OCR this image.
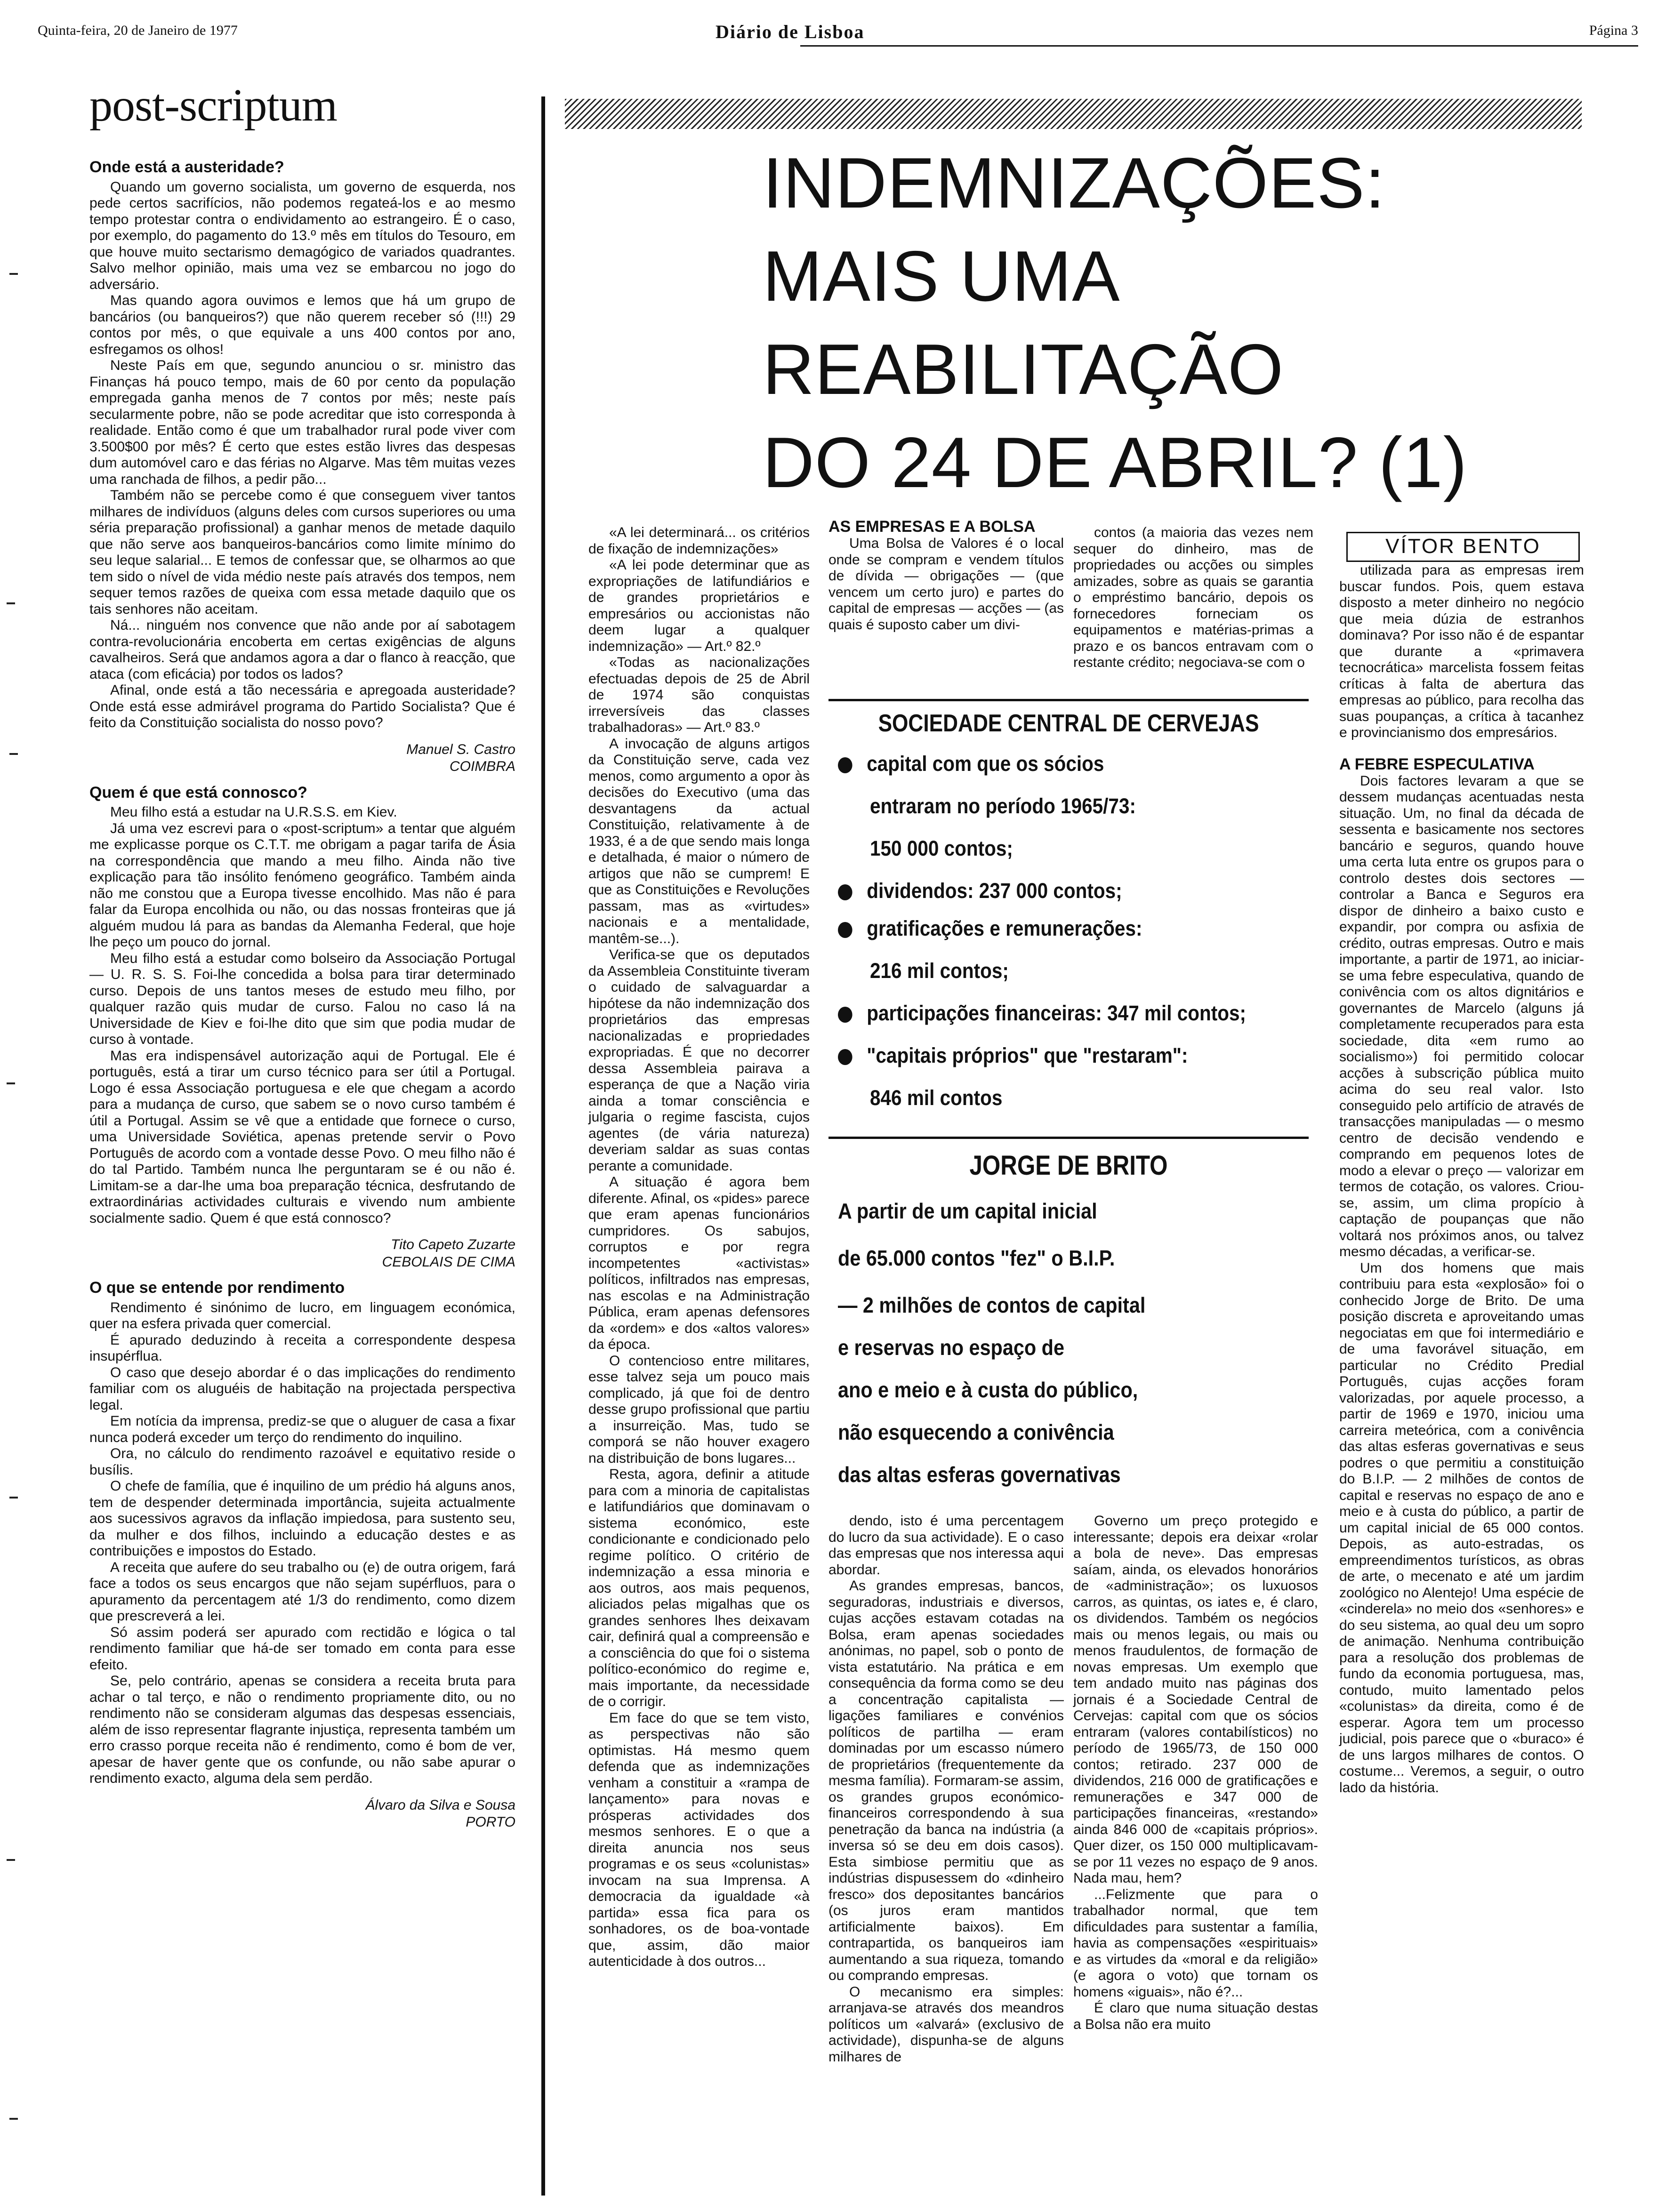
Quinta-feira, 20 de Janeiro de 1977	Diário de Lisboa	Página 3
post-scriptum
Onde está a austeridade?

Quando um governo socialista, um governo de esquerda, nos pede certos sacrifícios, não podemos regateá-los e ao mesmo tempo protestar contra o endividamento ao estrangeiro. É o caso, por exemplo, do pagamento do 13.º mês em títulos do Tesouro, em que houve muito sectarismo demagógico de variados quadrantes. Salvo melhor opinião, mais uma vez se embarcou no jogo do adversário.

Mas quando agora ouvimos e lemos que há um grupo de bancários (ou banqueiros?) que não querem receber só (!!!) 29 contos por mês, o que equivale a uns 400 contos por ano, esfregamos os olhos!

Neste País em que, segundo anunciou o sr. ministro das Finanças há pouco tempo, mais de 60 por cento da população empregada ganha menos de 7 contos por mês; neste país secularmente pobre, não se pode acreditar que isto corresponda à realidade. Então como é que um trabalhador rural pode viver com 3.500$00 por mês? É certo que estes estão livres das despesas dum automóvel caro e das férias no Algarve. Mas têm muitas vezes uma ranchada de filhos, a pedir pão...

Também não se percebe como é que conseguem viver tantos milhares de indivíduos (alguns deles com cursos superiores ou uma séria preparação profissional) a ganhar menos de metade daquilo que não serve aos banqueiros-bancários como limite mínimo do seu leque salarial... E temos de confessar que, se olharmos ao que tem sido o nível de vida médio neste país através dos tempos, nem sequer temos razões de queixa com essa metade daquilo que os tais senhores não aceitam.

Ná... ninguém nos convence que não ande por aí sabotagem contra-revolucionária encoberta em certas exigências de alguns cavalheiros. Será que andamos agora a dar o flanco à reacção, que ataca (com eficácia) por todos os lados?

Afinal, onde está a tão necessária e apregoada austeridade? Onde está esse admirável programa do Partido Socialista? Que é feito da Constituição socialista do nosso povo?

Manuel S. Castro

COIMBRA

Quem é que está connosco?

Meu filho está a estudar na U.R.S.S. em Kiev.

Já uma vez escrevi para o «post-scriptum» a tentar que alguém me explicasse porque os C.T.T. me obrigam a pagar tarifa de Ásia na correspondência que mando a meu filho. Ainda não tive explicação para tão insólito fenómeno geográfico. Também ainda não me constou que a Europa tivesse encolhido. Mas não é para falar da Europa encolhida ou não, ou das nossas fronteiras que já alguém mudou lá para as bandas da Alemanha Federal, que hoje lhe peço um pouco do jornal.

Meu filho está a estudar como bolseiro da Associação Portugal — U. R. S. S. Foi-lhe concedida a bolsa para tirar determinado curso. Depois de uns tantos meses de estudo meu filho, por qualquer razão quis mudar de curso. Falou no caso lá na Universidade de Kiev e foi-lhe dito que sim que podia mudar de curso à vontade.

Mas era indispensável autorização aqui de Portugal. Ele é português, está a tirar um curso técnico para ser útil a Portugal. Logo é essa Associação portuguesa e ele que chegam a acordo para a mudança de curso, que sabem se o novo curso também é útil a Portugal. Assim se vê que a entidade que fornece o curso, uma Universidade Soviética, apenas pretende servir o Povo Português de acordo com a vontade desse Povo. O meu filho não é do tal Partido. Também nunca lhe perguntaram se é ou não é. Limitam-se a dar-lhe uma boa preparação técnica, desfrutando de extraordinárias actividades culturais e vivendo num ambiente socialmente sadio. Quem é que está connosco?

Tito Capeto Zuzarte

CEBOLAIS DE CIMA

O que se entende por rendimento

Rendimento é sinónimo de lucro, em linguagem económica, quer na esfera privada quer comercial.

É apurado deduzindo à receita a correspondente despesa insupérflua.

O caso que desejo abordar é o das implicações do rendimento familiar com os aluguéis de habitação na projectada perspectiva legal.

Em notícia da imprensa, prediz-se que o aluguer de casa a fixar nunca poderá exceder um terço do rendimento do inquilino.

Ora, no cálculo do rendimento razoável e equitativo reside o busílis.

O chefe de família, que é inquilino de um prédio há alguns anos, tem de despender determinada importância, sujeita actualmente aos sucessivos agravos da inflação impiedosa, para sustento seu, da mulher e dos filhos, incluindo a educação destes e as contribuições e impostos do Estado.

A receita que aufere do seu trabalho ou (e) de outra origem, fará face a todos os seus encargos que não sejam supérfluos, para o apuramento da percentagem até 1/3 do rendimento, como dizem que prescreverá a lei.

Só assim poderá ser apurado com rectidão e lógica o tal rendimento familiar que há-de ser tomado em conta para esse efeito.

Se, pelo contrário, apenas se considera a receita bruta para achar o tal terço, e não o rendimento propriamente dito, ou no rendimento não se consideram algumas das despesas essenciais, além de isso representar flagrante injustiça, representa também um erro crasso porque receita não é rendimento, como é bom de ver, apesar de haver gente que os confunde, ou não sabe apurar o rendimento exacto, alguma dela sem perdão.

Álvaro da Silva e Sousa

PORTO

INDEMNIZAÇÕES:
MAIS UMA
REABILITAÇÃO
DO 24 DE ABRIL? (1)
VÍTOR BENTO

«A lei determinará... os critérios de fixação de indemnizações»

«A lei pode determinar que as expropriações de latifundiários e de grandes proprietários e empresários ou accionistas não deem lugar a qualquer indemnização» — Art.º 82.º

«Todas as nacionalizações efectuadas depois de 25 de Abril de 1974 são conquistas irreversíveis das classes trabalhadoras» — Art.º 83.º

A invocação de alguns artigos da Constituição serve, cada vez menos, como argumento a opor às decisões do Executivo (uma das desvantagens da actual Constituição, relativamente à de 1933, é a de que sendo mais longa e detalhada, é maior o número de artigos que não se cumprem! E que as Constituições e Revoluções passam, mas as «virtudes» nacionais e a mentalidade, mantêm-se...).

Verifica-se que os deputados da Assembleia Constituinte tiveram o cuidado de salvaguardar a hipótese da não indemnização dos proprietários das empresas nacionalizadas e propriedades expropriadas. É que no decorrer dessa Assembleia pairava a esperança de que a Nação viria ainda a tomar consciência e julgaria o regime fascista, cujos agentes (de vária natureza) deveriam saldar as suas contas perante a comunidade.

A situação é agora bem diferente. Afinal, os «pides» parece que eram apenas funcionários cumpridores. Os sabujos, corruptos e por regra incompetentes «activistas» políticos, infiltrados nas empresas, nas escolas e na Administração Pública, eram apenas defensores da «ordem» e dos «altos valores» da época.

O contencioso entre militares, esse talvez seja um pouco mais complicado, já que foi de dentro desse grupo profissional que partiu a insurreição. Mas, tudo se comporá se não houver exagero na distribuição de bons lugares...

Resta, agora, definir a atitude para com a minoria de capitalistas e latifundiários que dominavam o sistema económico, este condicionante e condicionado pelo regime político. O critério de indemnização a essa minoria e aos outros, aos mais pequenos, aliciados pelas migalhas que os grandes senhores lhes deixavam cair, definirá qual a compreensão e a consciência do que foi o sistema político-económico do regime e, mais importante, da necessidade de o corrigir.

Em face do que se tem visto, as perspectivas não são optimistas. Há mesmo quem defenda que as indemnizações venham a constituir a «rampa de lançamento» para novas e prósperas actividades dos mesmos senhores. E o que a direita anuncia nos seus programas e os seus «colunistas» invocam na sua Imprensa. A democracia da igualdade «à partida» essa fica para os sonhadores, os de boa-vontade que, assim, dão maior autenticidade à dos outros...

AS EMPRESAS E A BOLSA

Uma Bolsa de Valores é o local onde se compram e vendem títulos de dívida — obrigações — (que vencem um certo juro) e partes do capital de empresas — acções — (as quais é suposto caber um divi-

contos (a maioria das vezes nem sequer do dinheiro, mas de propriedades ou acções ou simples amizades, sobre as quais se garantia o empréstimo bancário, depois os fornecedores forneciam os equipamentos e matérias-primas a prazo e os bancos entravam com o restante crédito; negociava-se com o

SOCIEDADE CENTRAL DE CERVEJAS
capital com que os sócios
entraram no período 1965/73:
150 000 contos;
dividendos: 237 000 contos;
gratificações e remunerações:
216 mil contos;
participações financeiras: 347 mil contos;
"capitais próprios" que "restaram":
846 mil contos
JORGE DE BRITO
A partir de um capital inicial
de 65.000 contos "fez" o B.I.P.
— 2 milhões de contos de capital
e reservas no espaço de
ano e meio e à custa do público,
não esquecendo a conivência
das altas esferas governativas

dendo, isto é uma percentagem do lucro da sua actividade). E o caso das empresas que nos interessa aqui abordar.

As grandes empresas, bancos, seguradoras, industriais e diversos, cujas acções estavam cotadas na Bolsa, eram apenas sociedades anónimas, no papel, sob o ponto de vista estatutário. Na prática e em consequência da forma como se deu a concentração capitalista — ligações familiares e convénios políticos de partilha — eram dominadas por um escasso número de proprietários (frequentemente da mesma família). Formaram-se assim, os grandes grupos económico-financeiros correspondendo à sua penetração da banca na indústria (a inversa só se deu em dois casos). Esta simbiose permitiu que as indústrias dispusessem do «dinheiro fresco» dos depositantes bancários (os juros eram mantidos artificialmente baixos). Em contrapartida, os banqueiros iam aumentando a sua riqueza, tomando ou comprando empresas.

O mecanismo era simples: arranjava-se através dos meandros políticos um «alvará» (exclusivo de actividade), dispunha-se de alguns milhares de

Governo um preço protegido e interessante; depois era deixar «rolar a bola de neve». Das empresas saíam, ainda, os elevados honorários de «administração»; os luxuosos carros, as quintas, os iates e, é claro, os dividendos. Também os negócios mais ou menos legais, ou mais ou menos fraudulentos, de formação de novas empresas. Um exemplo que tem andado muito nas páginas dos jornais é a Sociedade Central de Cervejas: capital com que os sócios entraram (valores contabilísticos) no período de 1965/73, de 150 000 contos; retirado. 237 000 de dividendos, 216 000 de gratificações e remunerações e 347 000 de participações financeiras, «restando» ainda 846 000 de «capitais próprios». Quer dizer, os 150 000 multiplicavam-se por 11 vezes no espaço de 9 anos. Nada mau, hem?

...Felizmente que para o trabalhador normal, que tem dificuldades para sustentar a família, havia as compensações «espirituais» e as virtudes da «moral e da religião» (e agora o voto) que tornam os homens «iguais», não é?...

É claro que numa situação destas a Bolsa não era muito

utilizada para as empresas irem buscar fundos. Pois, quem estava disposto a meter dinheiro no negócio que meia dúzia de estranhos dominava? Por isso não é de espantar que durante a «primavera tecnocrática» marcelista fossem feitas críticas à falta de abertura das empresas ao público, para recolha das suas poupanças, a crítica à tacanhez e provincianismo dos empresários.

A FEBRE ESPECULATIVA

Dois factores levaram a que se dessem mudanças acentuadas nesta situação. Um, no final da década de sessenta e basicamente nos sectores bancário e seguros, quando houve uma certa luta entre os grupos para o controlo destes dois sectores — controlar a Banca e Seguros era dispor de dinheiro a baixo custo e expandir, por compra ou asfixia de crédito, outras empresas. Outro e mais importante, a partir de 1971, ao iniciar-se uma febre especulativa, quando de conivência com os altos dignitários e governantes de Marcelo (alguns já completamente recuperados para esta sociedade, dita «em rumo ao socialismo») foi permitido colocar acções à subscrição pública muito acima do seu real valor. Isto conseguido pelo artifício de através de transacções manipuladas — o mesmo centro de decisão vendendo e comprando em pequenos lotes de modo a elevar o preço — valorizar em termos de cotação, os valores. Criou-se, assim, um clima propício à captação de poupanças que não voltará nos próximos anos, ou talvez mesmo décadas, a verificar-se.

Um dos homens que mais contribuiu para esta «explosão» foi o conhecido Jorge de Brito. De uma posição discreta e aproveitando umas negociatas em que foi intermediário e de uma favorável situação, em particular no Crédito Predial Português, cujas acções foram valorizadas, por aquele processo, a partir de 1969 e 1970, iniciou uma carreira meteórica, com a conivência das altas esferas governativas e seus podres o que permitiu a constituição do B.I.P. — 2 milhões de contos de capital e reservas no espaço de ano e meio e à custa do público, a partir de um capital inicial de 65 000 contos. Depois, as auto-estradas, os empreendimentos turísticos, as obras de arte, o mecenato e até um jardim zoológico no Alentejo! Uma espécie de «cinderela» no meio dos «senhores» e do seu sistema, ao qual deu um sopro de animação. Nenhuma contribuição para a resolução dos problemas de fundo da economia portuguesa, mas, contudo, muito lamentado pelos «colunistas» da direita, como é de esperar. Agora tem um processo judicial, pois parece que o «buraco» é de uns largos milhares de contos. O costume... Veremos, a seguir, o outro lado da história.
